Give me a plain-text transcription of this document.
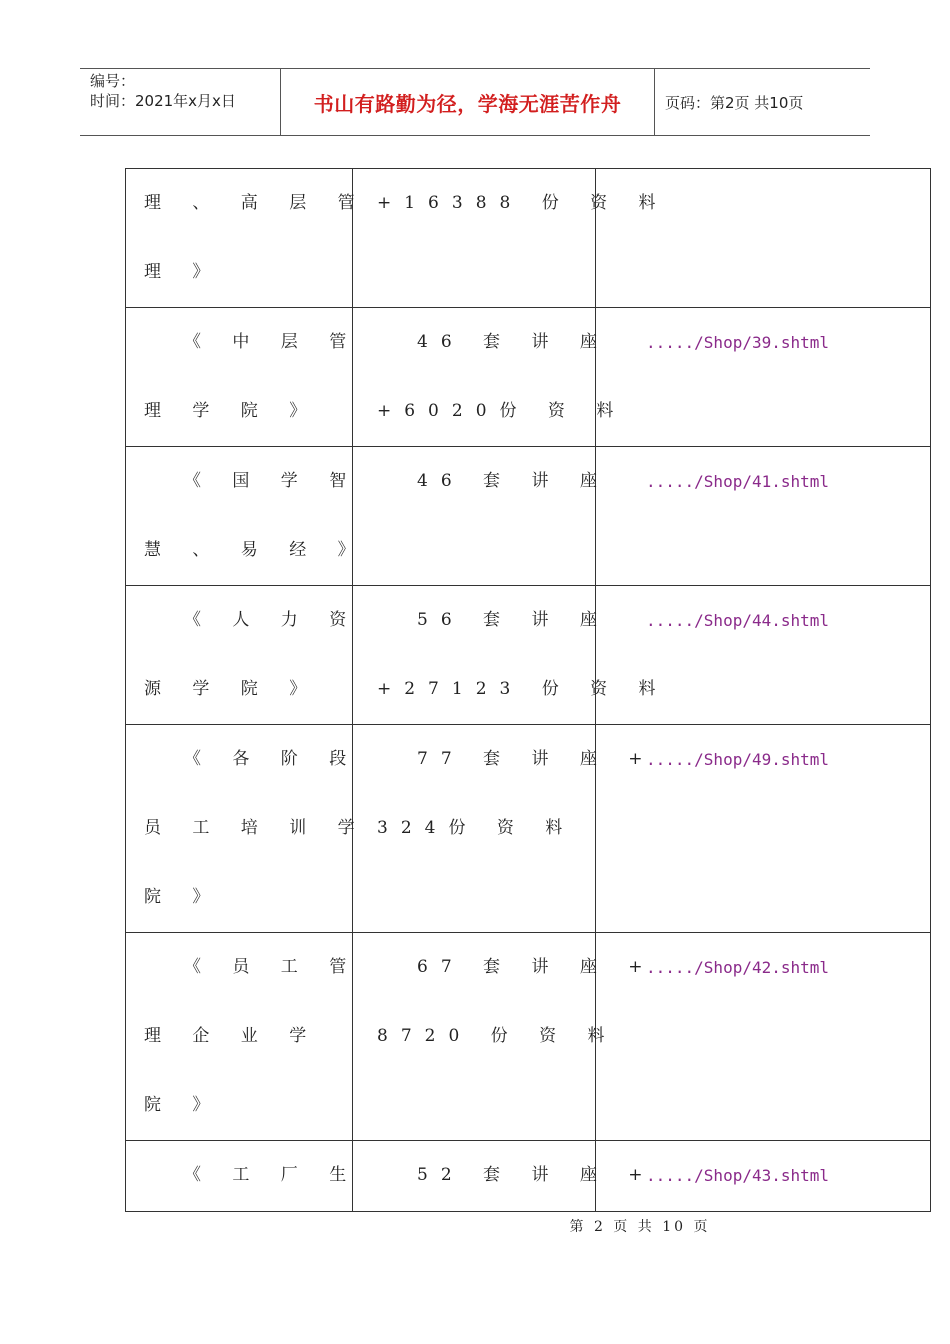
编号：
时间：2021年x月x日	书山有路勤为径，学海无涯苦作舟	页码：第2页 共10页
理 、 高 层 管
理 》	+16388 份 资 料	

《 中 层 管
理 学 院 》	46 套 讲 座
+6020份 资 料	...../Shop/39.shtml

《 国 学 智
慧 、 易 经 》	46 套 讲 座	...../Shop/41.shtml

《 人 力 资
源 学 院 》	56 套 讲 座
+27123 份 资 料	...../Shop/44.shtml

《 各 阶 段
员 工 培 训 学
院 》	77 套 讲 座 +
324份 资 料	...../Shop/49.shtml

《 员 工 管
理 企 业 学
院 》	67 套 讲 座 +
8720 份 资 料	...../Shop/42.shtml

《 工 厂 生	52 套 讲 座 +	...../Shop/43.shtml
第 2 页 共 10 页
